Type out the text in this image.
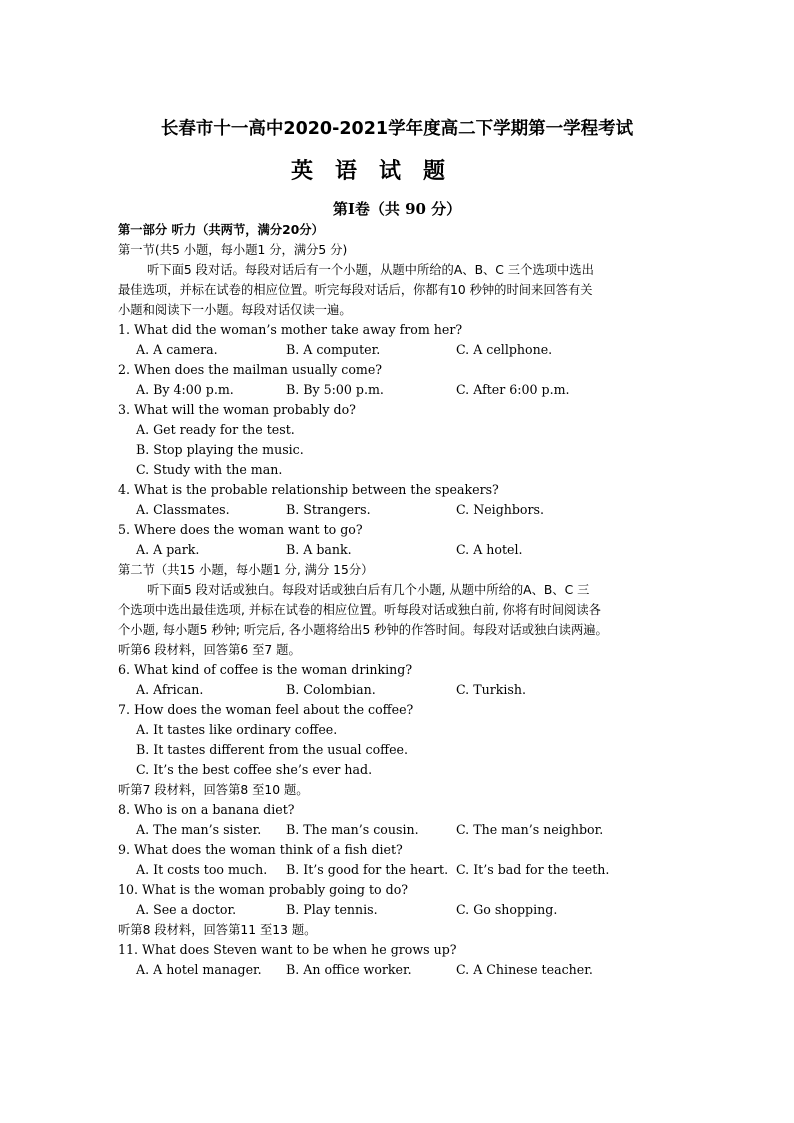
长春市十一高中2020-2021学年度高二下学期第一学程考试
英语试题
第Ⅰ卷（共 90 分）
第一部分 听力（共两节，满分20分）
第一节(共5 小题，每小题1 分，满分5 分)
听下面5 段对话。每段对话后有一个小题，从题中所给的A、B、C 三个选项中选出
最佳选项，并标在试卷的相应位置。听完每段对话后，你都有10 秒钟的时间来回答有关
小题和阅读下一小题。每段对话仅读一遍。
1. What did the woman’s mother take away from her?
A. A camera.	B. A computer.	C. A cellphone.
2. When does the mailman usually come?
A. By 4:00 p.m.	B. By 5:00 p.m.	C. After 6:00 p.m.
3. What will the woman probably do?
A. Get ready for the test.
B. Stop playing the music.
C. Study with the man.
4. What is the probable relationship between the speakers?
A. Classmates.	B. Strangers.	C. Neighbors.
5. Where does the woman want to go?
A. A park.	B. A bank.	C. A hotel.
第二节（共15 小题，每小题1 分, 满分 15分）
听下面5 段对话或独白。每段对话或独白后有几个小题, 从题中所给的A、B、C 三
个选项中选出最佳选项, 并标在试卷的相应位置。听每段对话或独白前, 你将有时间阅读各
个小题, 每小题5 秒钟; 听完后, 各小题将给出5 秒钟的作答时间。每段对话或独白读两遍。
听第6 段材料，回答第6 至7 题。
6. What kind of coffee is the woman drinking?
A. African.	B. Colombian.	C. Turkish.
7. How does the woman feel about the coffee?
A. It tastes like ordinary coffee.
B. It tastes different from the usual coffee.
C. It’s the best coffee she’s ever had.
听第7 段材料，回答第8 至10 题。
8. Who is on a banana diet?
A. The man’s sister. B. The man’s cousin.	C. The man’s neighbor.
9. What does the woman think of a fish diet?
A. It costs too much. B. It’s good for the heart. C. It’s bad for the teeth.
10. What is the woman probably going to do?
A. See a doctor.	B. Play tennis.	C. Go shopping.
听第8 段材料，回答第11 至13 题。
11. What does Steven want to be when he grows up?
A. A hotel manager. B. An office worker.	C. A Chinese teacher.
